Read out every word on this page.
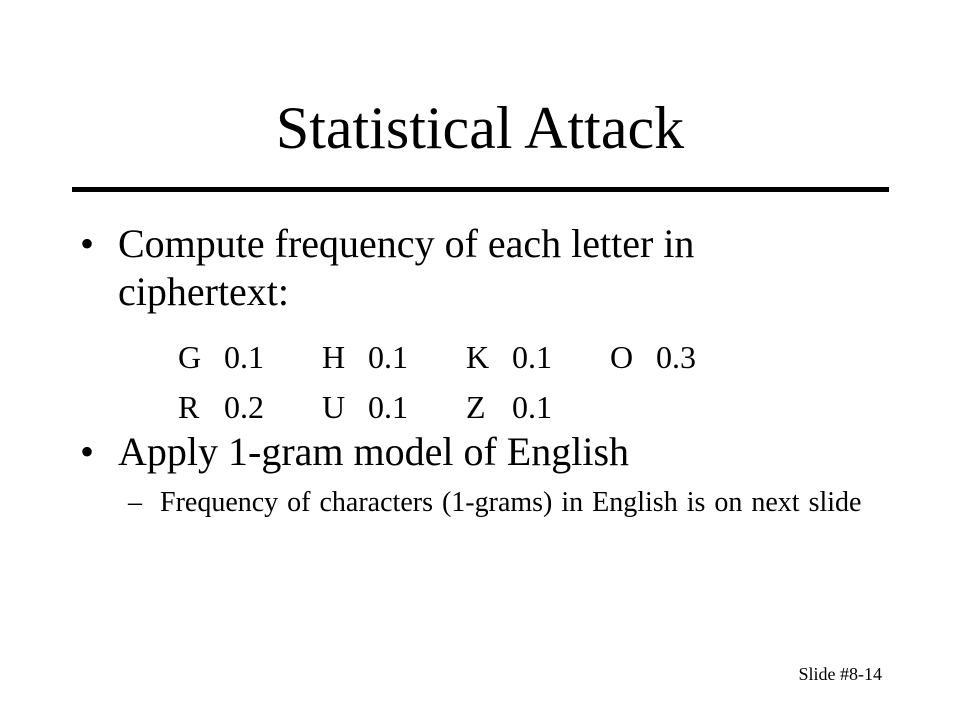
Statistical Attack
• Compute frequency of each letter in ciphertext:
G 0.1 H 0.1 K 0.1 O 0.3
R 0.2 U 0.1 Z 0.1
• Apply 1-gram model of English
– Frequency of characters (1-grams) in English is on next slide
Slide #8-14
